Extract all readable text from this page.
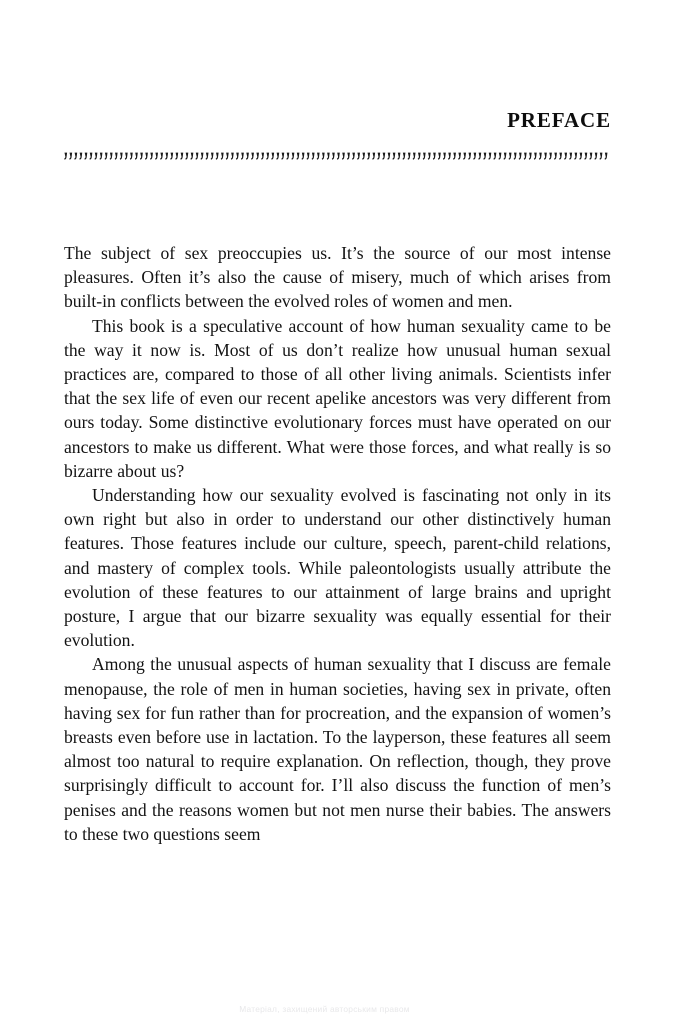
PREFACE

The subject of sex preoccupies us. It’s the source of our most intense pleasures. Often it’s also the cause of misery, much of which arises from built-in conflicts between the evolved roles of women and men.

This book is a speculative account of how human sexuality came to be the way it now is. Most of us don’t realize how unusual human sexual practices are, compared to those of all other living animals. Scientists infer that the sex life of even our recent apelike ancestors was very different from ours today. Some distinctive evolutionary forces must have operated on our ancestors to make us different. What were those forces, and what really is so bizarre about us?

Understanding how our sexuality evolved is fascinating not only in its own right but also in order to understand our other distinctively human features. Those features include our culture, speech, parent-child relations, and mastery of complex tools. While paleontologists usually attribute the evolution of these features to our attainment of large brains and upright posture, I argue that our bizarre sexuality was equally essential for their evolution.

Among the unusual aspects of human sexuality that I discuss are female menopause, the role of men in human societies, having sex in private, often having sex for fun rather than for procreation, and the expansion of women’s breasts even before use in lactation. To the layperson, these features all seem almost too natural to require explanation. On reflection, though, they prove surprisingly difficult to account for. I’ll also discuss the function of men’s penises and the reasons women but not men nurse their babies. The answers to these two questions seem

Матеріал, захищений авторським правом
